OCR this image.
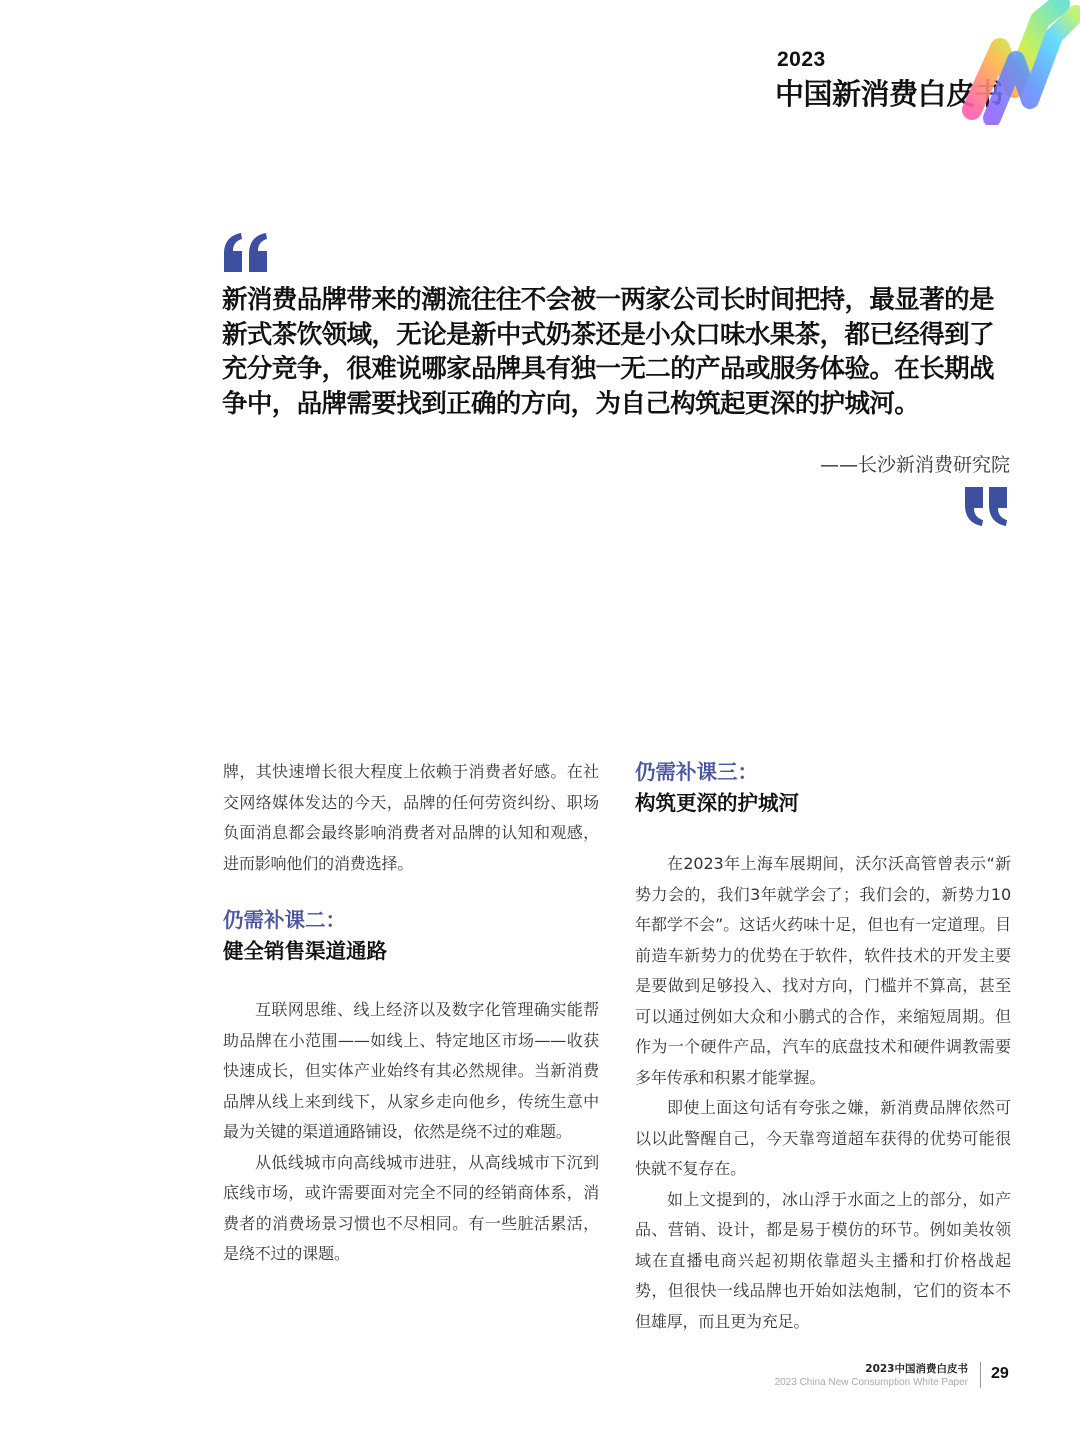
2023
中国新消费白皮书

新消费品牌带来的潮流往往不会被一两家公司长时间把持，最显著的是新式茶饮领域，无论是新中式奶茶还是小众口味水果茶，都已经得到了充分竞争，很难说哪家品牌具有独一无二的产品或服务体验。在长期战争中，品牌需要找到正确的方向，为自己构筑起更深的护城河。

——长沙新消费研究院

牌，其快速增长很大程度上依赖于消费者好感。在社交网络媒体发达的今天，品牌的任何劳资纠纷、职场负面消息都会最终影响消费者对品牌的认知和观感，进而影响他们的消费选择。

仍需补课二：
健全销售渠道通路

互联网思维、线上经济以及数字化管理确实能帮助品牌在小范围——如线上、特定地区市场——收获快速成长，但实体产业始终有其必然规律。当新消费品牌从线上来到线下，从家乡走向他乡，传统生意中最为关键的渠道通路铺设，依然是绕不过的难题。

从低线城市向高线城市进驻，从高线城市下沉到底线市场，或许需要面对完全不同的经销商体系，消费者的消费场景习惯也不尽相同。有一些脏活累活，是绕不过的课题。

仍需补课三：
构筑更深的护城河

在2023年上海车展期间，沃尔沃高管曾表示“新势力会的，我们3年就学会了；我们会的，新势力10年都学不会”。这话火药味十足，但也有一定道理。目前造车新势力的优势在于软件，软件技术的开发主要是要做到足够投入、找对方向，门槛并不算高，甚至可以通过例如大众和小鹏式的合作，来缩短周期。但作为一个硬件产品，汽车的底盘技术和硬件调教需要多年传承和积累才能掌握。

即使上面这句话有夸张之嫌，新消费品牌依然可以以此警醒自己，今天靠弯道超车获得的优势可能很快就不复存在。

如上文提到的，冰山浮于水面之上的部分，如产品、营销、设计，都是易于模仿的环节。例如美妆领域在直播电商兴起初期依靠超头主播和打价格战起势，但很快一线品牌也开始如法炮制，它们的资本不但雄厚，而且更为充足。

2023中国消费白皮书
2023 China New Consumption White Paper
29
